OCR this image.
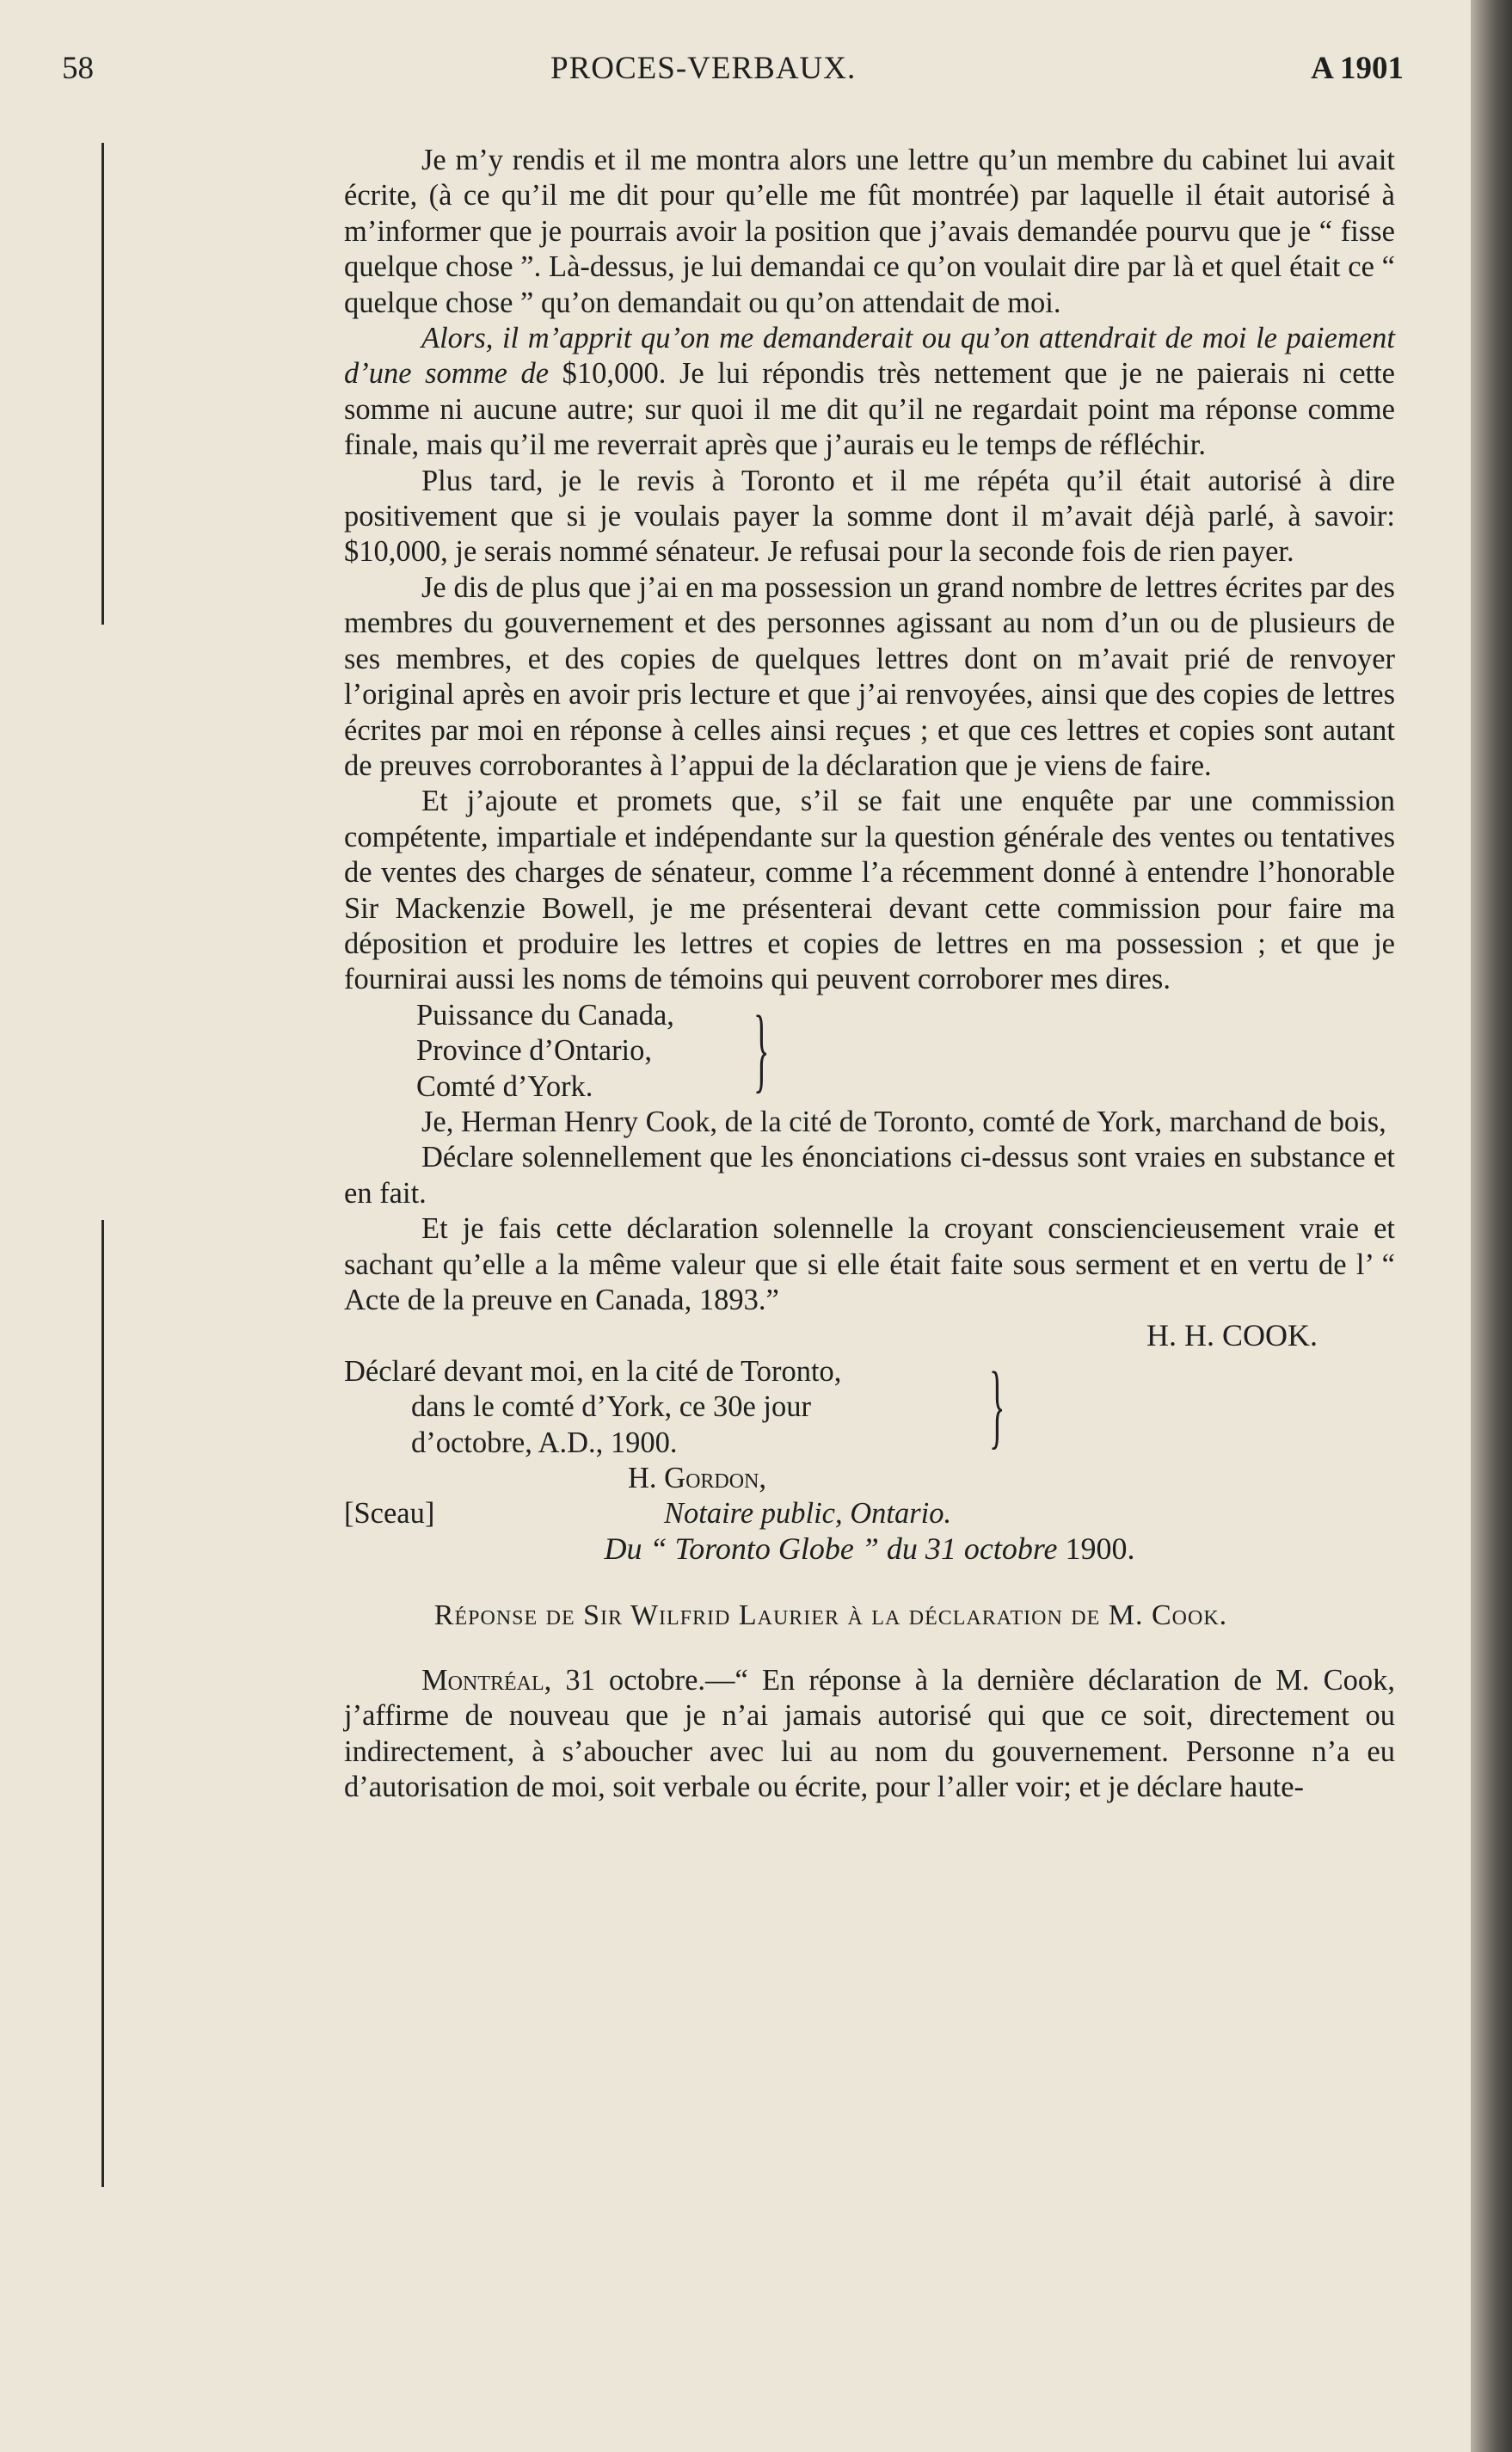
58	PROCES-VERBAUX.	A 1901

Je m’y rendis et il me montra alors une lettre qu’un membre du cabinet lui avait écrite, (à ce qu’il me dit pour qu’elle me fût montrée) par laquelle il était autorisé à m’informer que je pourrais avoir la position que j’avais demandée pourvu que je “ fisse quelque chose ”. Là-dessus, je lui demandai ce qu’on voulait dire par là et quel était ce “ quelque chose ” qu’on demandait ou qu’on attendait de moi.

Alors, il m’apprit qu’on me demanderait ou qu’on attendrait de moi le paiement d’une somme de $10,000. Je lui répondis très nettement que je ne paierais ni cette somme ni aucune autre; sur quoi il me dit qu’il ne regardait point ma réponse comme finale, mais qu’il me reverrait après que j’aurais eu le temps de réfléchir.

Plus tard, je le revis à Toronto et il me répéta qu’il était autorisé à dire positivement que si je voulais payer la somme dont il m’avait déjà parlé, à savoir: $10,000, je serais nommé sénateur. Je refusai pour la seconde fois de rien payer.

Je dis de plus que j’ai en ma possession un grand nombre de lettres écrites par des membres du gouvernement et des personnes agissant au nom d’un ou de plusieurs de ses membres, et des copies de quelques lettres dont on m’avait prié de renvoyer l’original après en avoir pris lecture et que j’ai renvoyées, ainsi que des copies de lettres écrites par moi en réponse à celles ainsi reçues ; et que ces lettres et copies sont autant de preuves corroborantes à l’appui de la déclaration que je viens de faire.

Et j’ajoute et promets que, s’il se fait une enquête par une commission compétente, impartiale et indépendante sur la question générale des ventes ou tentatives de ventes des charges de sénateur, comme l’a récemment donné à entendre l’honorable Sir Mackenzie Bowell, je me présenterai devant cette commission pour faire ma déposition et produire les lettres et copies de lettres en ma possession ; et que je fournirai aussi les noms de témoins qui peuvent corroborer mes dires.

Puissance du Canada,
Province d’Ontario,
Comté d’York.	}

Je, Herman Henry Cook, de la cité de Toronto, comté de York, marchand de bois,

Déclare solennellement que les énonciations ci-dessus sont vraies en substance et en fait.

Et je fais cette déclaration solennelle la croyant consciencieusement vraie et sachant qu’elle a la même valeur que si elle était faite sous serment et en vertu de l’ “ Acte de la preuve en Canada, 1893.”

H. H. COOK.

Déclaré devant moi, en la cité de Toronto,
dans le comté d’York, ce 30e jour
d’octobre, A.D., 1900.	}
H. Gordon,
[Sceau]	Notaire public, Ontario.

Du “ Toronto Globe ” du 31 octobre 1900.

Réponse de Sir Wilfrid Laurier à la déclaration de M. Cook.

Montréal, 31 octobre.—“ En réponse à la dernière déclaration de M. Cook, j’affirme de nouveau que je n’ai jamais autorisé qui que ce soit, directement ou indirectement, à s’aboucher avec lui au nom du gouvernement. Personne n’a eu d’autorisation de moi, soit verbale ou écrite, pour l’aller voir; et je déclare haute-
